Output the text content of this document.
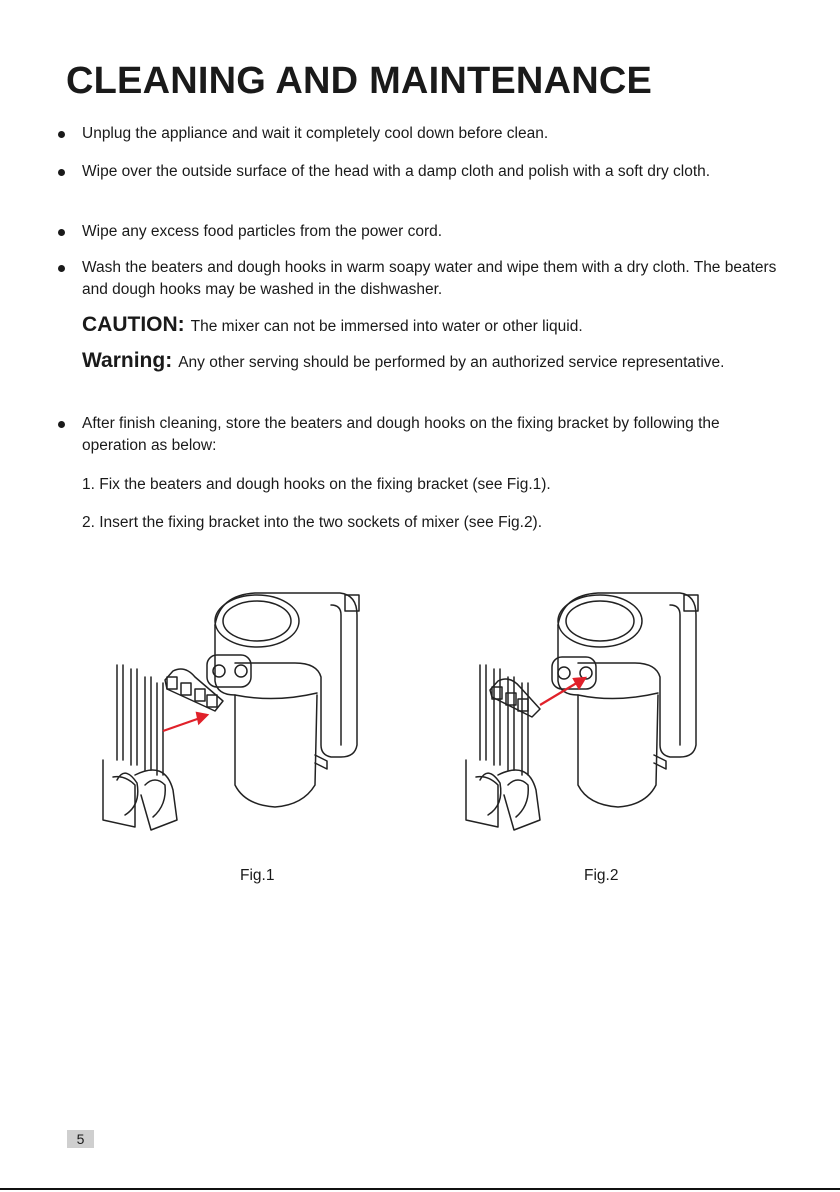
CLEANING AND MAINTENANCE
Unplug the appliance and wait it completely cool down before clean.
Wipe over the outside surface of the head with a damp cloth and polish with a soft dry cloth.
Wipe any excess food particles from the power cord.
Wash the beaters and dough hooks in warm soapy water and wipe them with a dry cloth. The beaters and dough hooks may be washed in the dishwasher.
CAUTION: The mixer can not be immersed into water or other liquid.
Warning: Any other serving should be performed by an authorized service representative.
After finish cleaning, store the beaters and dough hooks on the fixing bracket by following the operation as below:
1. Fix the beaters and dough hooks on the fixing bracket (see Fig.1).
2. Insert the fixing bracket into the two sockets of mixer (see Fig.2).
Fig.1	Fig.2
5
